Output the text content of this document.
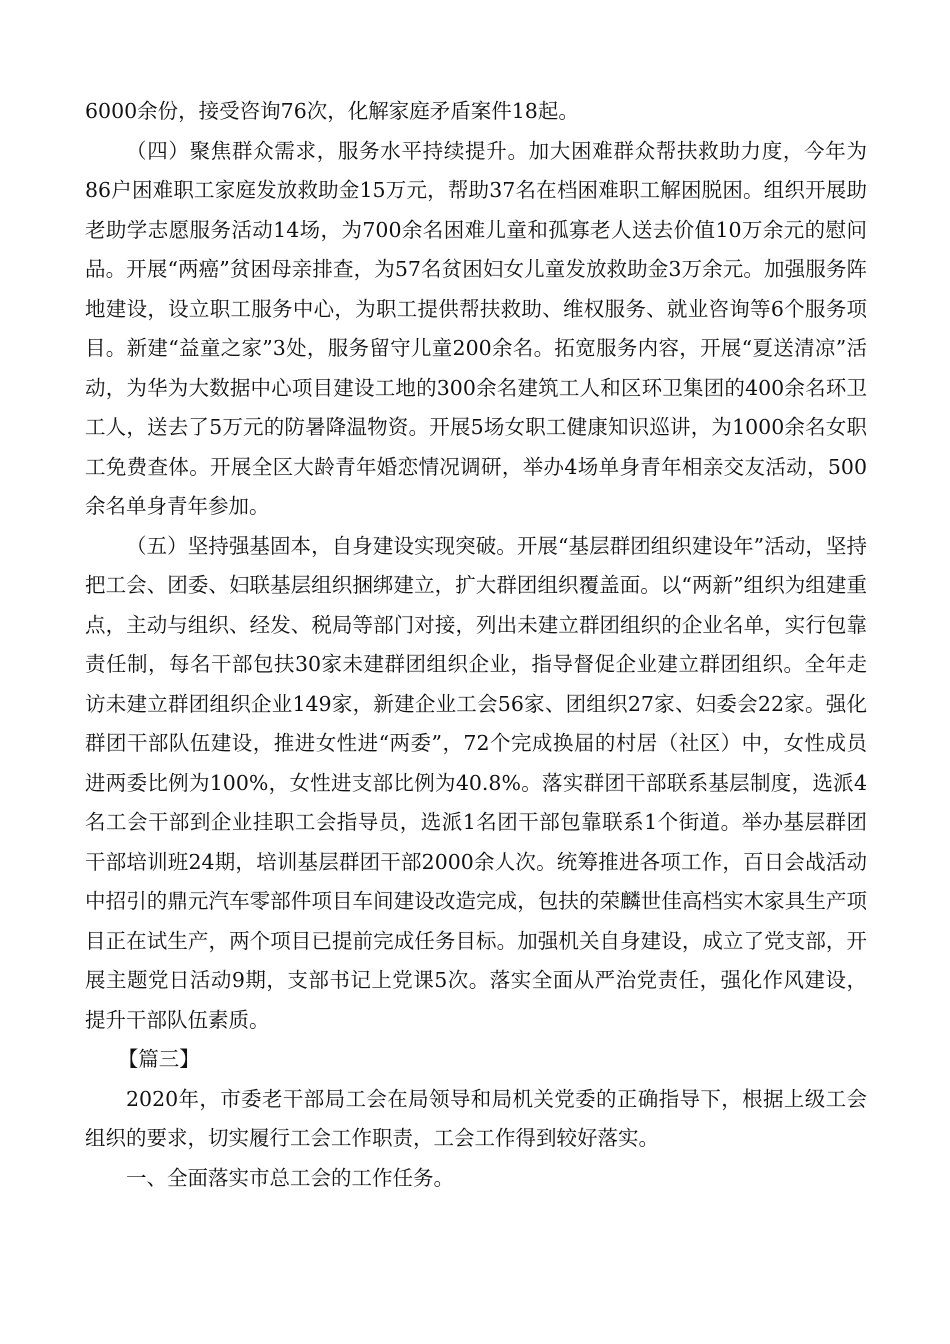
6000余份，接受咨询76次，化解家庭矛盾案件18起。

（四）聚焦群众需求，服务水平持续提升。加大困难群众帮扶救助力度，今年为86户困难职工家庭发放救助金15万元，帮助37名在档困难职工解困脱困。组织开展助老助学志愿服务活动14场，为700余名困难儿童和孤寡老人送去价值10万余元的慰问品。开展“两癌”贫困母亲排查，为57名贫困妇女儿童发放救助金3万余元。加强服务阵地建设，设立职工服务中心，为职工提供帮扶救助、维权服务、就业咨询等6个服务项目。新建“益童之家”3处，服务留守儿童200余名。拓宽服务内容，开展“夏送清凉”活动，为华为大数据中心项目建设工地的300余名建筑工人和区环卫集团的400余名环卫工人，送去了5万元的防暑降温物资。开展5场女职工健康知识巡讲，为1000余名女职工免费查体。开展全区大龄青年婚恋情况调研，举办4场单身青年相亲交友活动，500余名单身青年参加。

（五）坚持强基固本，自身建设实现突破。开展“基层群团组织建设年”活动，坚持把工会、团委、妇联基层组织捆绑建立，扩大群团组织覆盖面。以“两新”组织为组建重点，主动与组织、经发、税局等部门对接，列出未建立群团组织的企业名单，实行包靠责任制，每名干部包扶30家未建群团组织企业，指导督促企业建立群团组织。全年走访未建立群团组织企业149家，新建企业工会56家、团组织27家、妇委会22家。强化群团干部队伍建设，推进女性进“两委”，72个完成换届的村居（社区）中，女性成员进两委比例为100%，女性进支部比例为40.8%。落实群团干部联系基层制度，选派4名工会干部到企业挂职工会指导员，选派1名团干部包靠联系1个街道。举办基层群团干部培训班24期，培训基层群团干部2000余人次。统筹推进各项工作，百日会战活动中招引的鼎元汽车零部件项目车间建设改造完成，包扶的荣麟世佳高档实木家具生产项目正在试生产，两个项目已提前完成任务目标。加强机关自身建设，成立了党支部，开展主题党日活动9期，支部书记上党课5次。落实全面从严治党责任，强化作风建设，提升干部队伍素质。

【篇三】

2020年，市委老干部局工会在局领导和局机关党委的正确指导下，根据上级工会组织的要求，切实履行工会工作职责，工会工作得到较好落实。

一、全面落实市总工会的工作任务。
